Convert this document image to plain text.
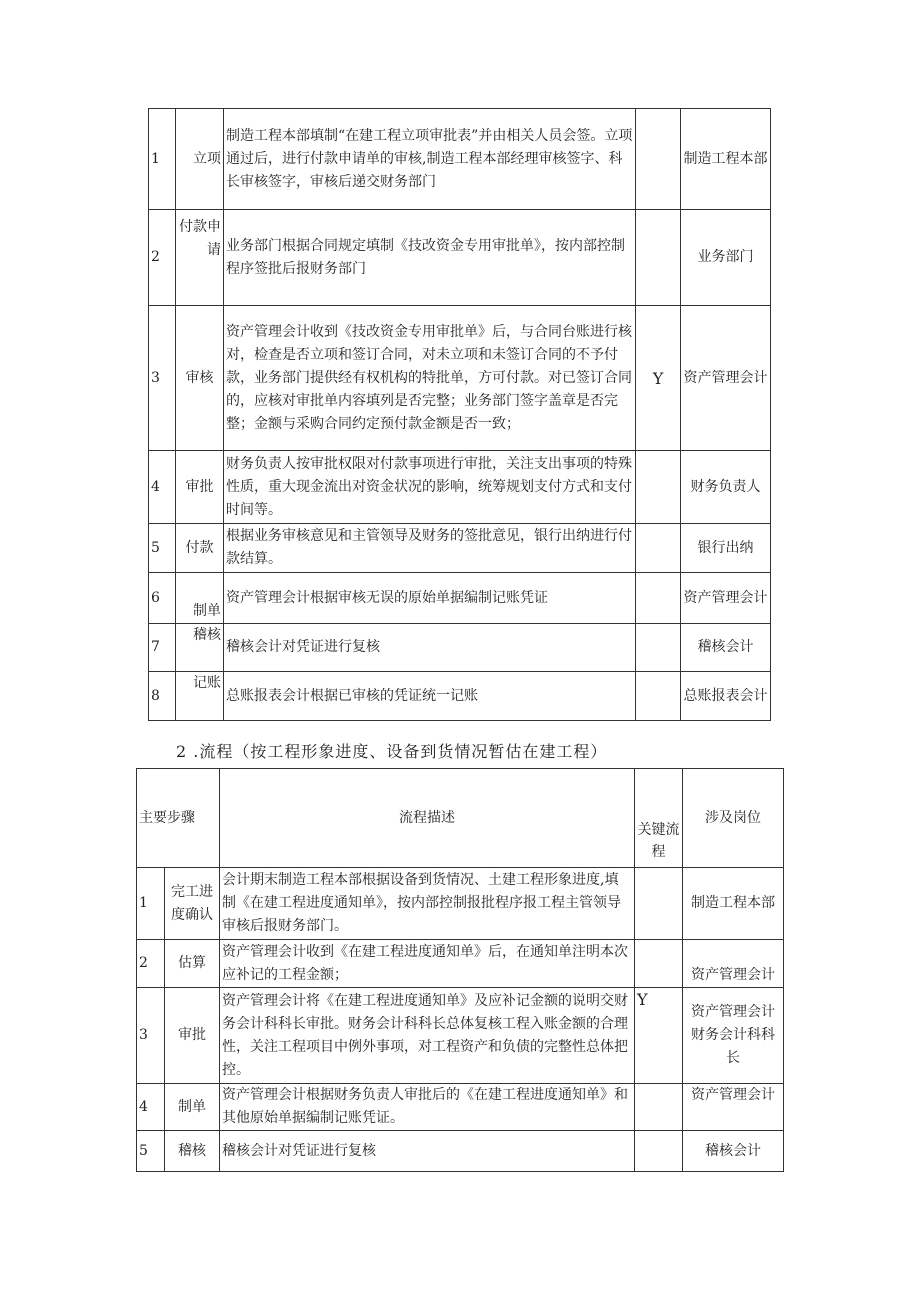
1	立项	制造工程本部填制“在建工程立项审批表”并由相关人员会签。立项通过后，进行付款申请单的审核,制造工程本部经理审核签字、科长审核签字，审核后递交财务部门		制造工程本部
2	付款申请	业务部门根据合同规定填制《技改资金专用审批单》，按内部控制程序签批后报财务部门		业务部门
3	审核	资产管理会计收到《技改资金专用审批单》后，与合同台账进行核对，检查是否立项和签订合同，对未立项和未签订合同的不予付款，业务部门提供经有权机构的特批单，方可付款。对已签订合同的，应核对审批单内容填列是否完整；业务部门签字盖章是否完整；金额与采购合同约定预付款金额是否一致；	Y	资产管理会计
4	审批	财务负责人按审批权限对付款事项进行审批，关注支出事项的特殊性质，重大现金流出对资金状况的影响，统筹规划支付方式和支付时间等。		财务负责人
5	付款	根据业务审核意见和主管领导及财务的签批意见，银行出纳进行付款结算。		银行出纳
6	制单	资产管理会计根据审核无误的原始单据编制记账凭证		资产管理会计
7	稽核	稽核会计对凭证进行复核		稽核会计
8	记账	总账报表会计根据已审核的凭证统一记账		总账报表会计
2 .流程（按工程形象进度、设备到货情况暂估在建工程）
主要步骤		流程描述	关键流程	涉及岗位
1	完工进度确认	会计期末制造工程本部根据设备到货情况、土建工程形象进度,填制《在建工程进度通知单》，按内部控制报批程序报工程主管领导审核后报财务部门。		制造工程本部
2	估算	资产管理会计收到《在建工程进度通知单》后，在通知单注明本次应补记的工程金额；		资产管理会计
3	审批	资产管理会计将《在建工程进度通知单》及应补记金额的说明交财务会计科科长审批。财务会计科科长总体复核工程入账金额的合理性，关注工程项目中例外事项，对工程资产和负债的完整性总体把控。	Y	资产管理会计财务会计科科长
4	制单	资产管理会计根据财务负责人审批后的《在建工程进度通知单》和其他原始单据编制记账凭证。		资产管理会计
5	稽核	稽核会计对凭证进行复核		稽核会计
